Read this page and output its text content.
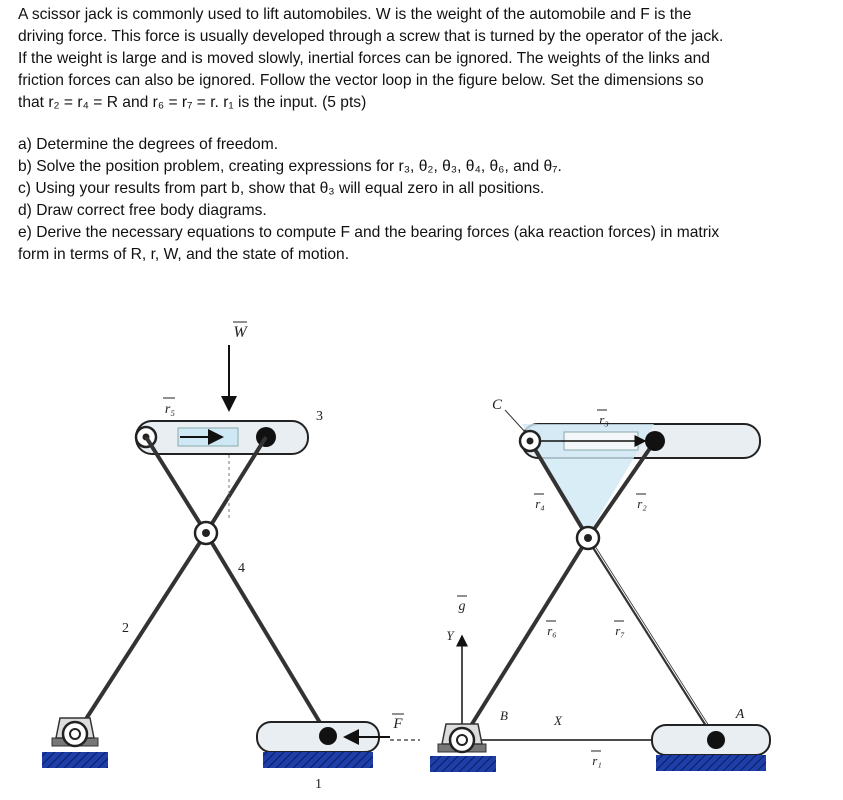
A scissor jack is commonly used to lift automobiles. W is the weight of the automobile and F is the
driving force. This force is usually developed through a screw that is turned by the operator of the jack.
If the weight is large and is moved slowly, inertial forces can be ignored. The weights of the links and
friction forces can also be ignored. Follow the vector loop in the figure below. Set the dimensions so
that r₂ = r₄ = R and r₆ = r₇ = r. r₁ is the input. (5 pts)

a) Determine the degrees of freedom.
b) Solve the position problem, creating expressions for r₃, θ₂, θ₃, θ₄, θ₆, and θ₇.
c) Using your results from part b, show that θ₃ will equal zero in all positions.
d) Draw correct free body diagrams.
e) Derive the necessary equations to compute F and the bearing forces (aka reaction forces) in matrix
form in terms of R, r, W, and the state of motion.

W
r₅	3
4
2
1
F
C
r₃
r₄	r₂
r₆	r₇
g
Y
X
r₁
B	A
